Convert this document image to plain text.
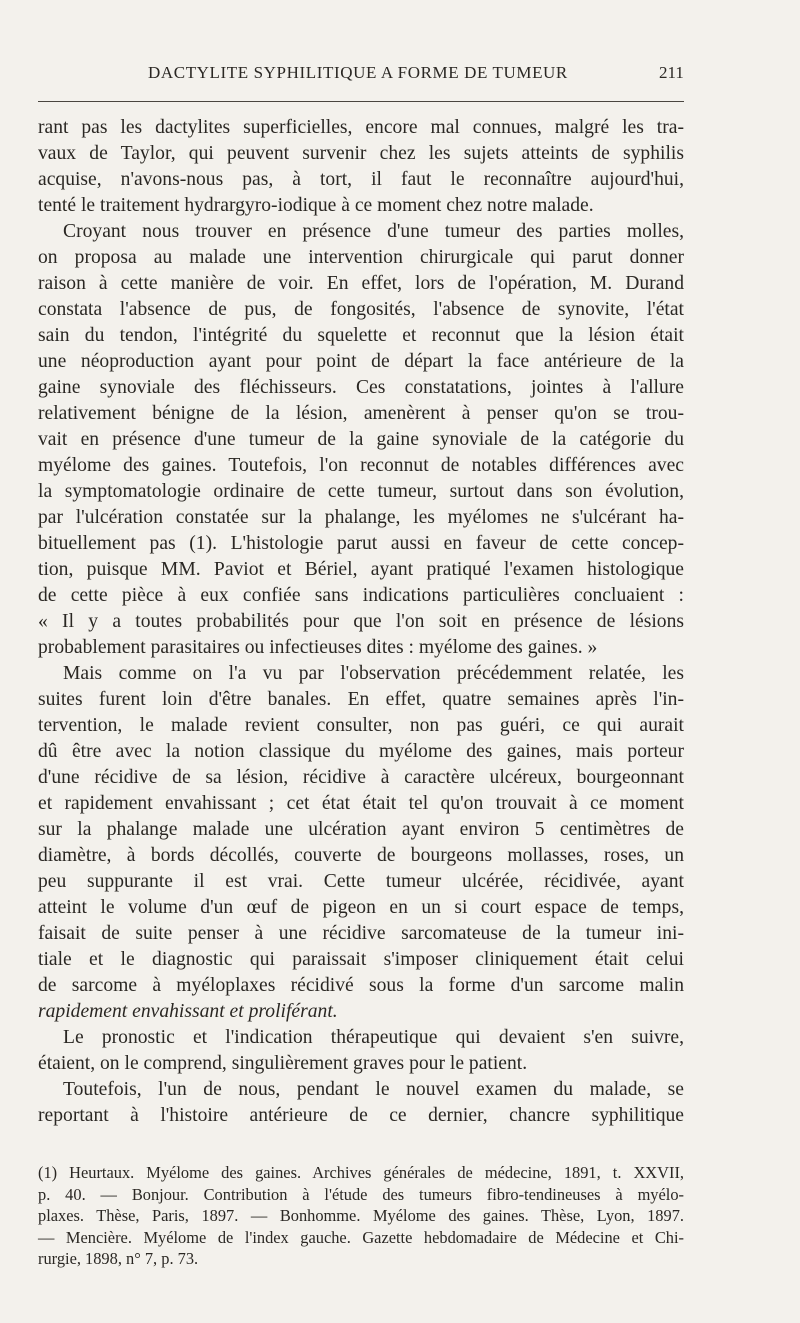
DACTYLITE SYPHILITIQUE A FORME DE TUMEUR	211
rant pas les dactylites superficielles, encore mal connues, malgré les tra-
vaux de Taylor, qui peuvent survenir chez les sujets atteints de syphilis
acquise, n'avons-nous pas, à tort, il faut le reconnaître aujourd'hui,
tenté le traitement hydrargyro-iodique à ce moment chez notre malade.
Croyant nous trouver en présence d'une tumeur des parties molles,
on proposa au malade une intervention chirurgicale qui parut donner
raison à cette manière de voir. En effet, lors de l'opération, M. Durand
constata l'absence de pus, de fongosités, l'absence de synovite, l'état
sain du tendon, l'intégrité du squelette et reconnut que la lésion était
une néoproduction ayant pour point de départ la face antérieure de la
gaine synoviale des fléchisseurs. Ces constatations, jointes à l'allure
relativement bénigne de la lésion, amenèrent à penser qu'on se trou-
vait en présence d'une tumeur de la gaine synoviale de la catégorie du
myélome des gaines. Toutefois, l'on reconnut de notables différences avec
la symptomatologie ordinaire de cette tumeur, surtout dans son évolution,
par l'ulcération constatée sur la phalange, les myélomes ne s'ulcérant ha-
bituellement pas (1). L'histologie parut aussi en faveur de cette concep-
tion, puisque MM. Paviot et Bériel, ayant pratiqué l'examen histologique
de cette pièce à eux confiée sans indications particulières concluaient :
« Il y a toutes probabilités pour que l'on soit en présence de lésions
probablement parasitaires ou infectieuses dites : myélome des gaines. »
Mais comme on l'a vu par l'observation précédemment relatée, les
suites furent loin d'être banales. En effet, quatre semaines après l'in-
tervention, le malade revient consulter, non pas guéri, ce qui aurait
dû être avec la notion classique du myélome des gaines, mais porteur
d'une récidive de sa lésion, récidive à caractère ulcéreux, bourgeonnant
et rapidement envahissant ; cet état était tel qu'on trouvait à ce moment
sur la phalange malade une ulcération ayant environ 5 centimètres de
diamètre, à bords décollés, couverte de bourgeons mollasses, roses, un
peu suppurante il est vrai. Cette tumeur ulcérée, récidivée, ayant
atteint le volume d'un œuf de pigeon en un si court espace de temps,
faisait de suite penser à une récidive sarcomateuse de la tumeur ini-
tiale et le diagnostic qui paraissait s'imposer cliniquement était celui
de sarcome à myéloplaxes récidivé sous la forme d'un sarcome malin
rapidement envahissant et proliférant.
Le pronostic et l'indication thérapeutique qui devaient s'en suivre,
étaient, on le comprend, singulièrement graves pour le patient.
Toutefois, l'un de nous, pendant le nouvel examen du malade, se
reportant à l'histoire antérieure de ce dernier, chancre syphilitique
(1) Heurtaux. Myélome des gaines. Archives générales de médecine, 1891, t. XXVII,
p. 40. — Bonjour. Contribution à l'étude des tumeurs fibro-tendineuses à myélo-
plaxes. Thèse, Paris, 1897. — Bonhomme. Myélome des gaines. Thèse, Lyon, 1897.
— Mencière. Myélome de l'index gauche. Gazette hebdomadaire de Médecine et Chi-
rurgie, 1898, n° 7, p. 73.
